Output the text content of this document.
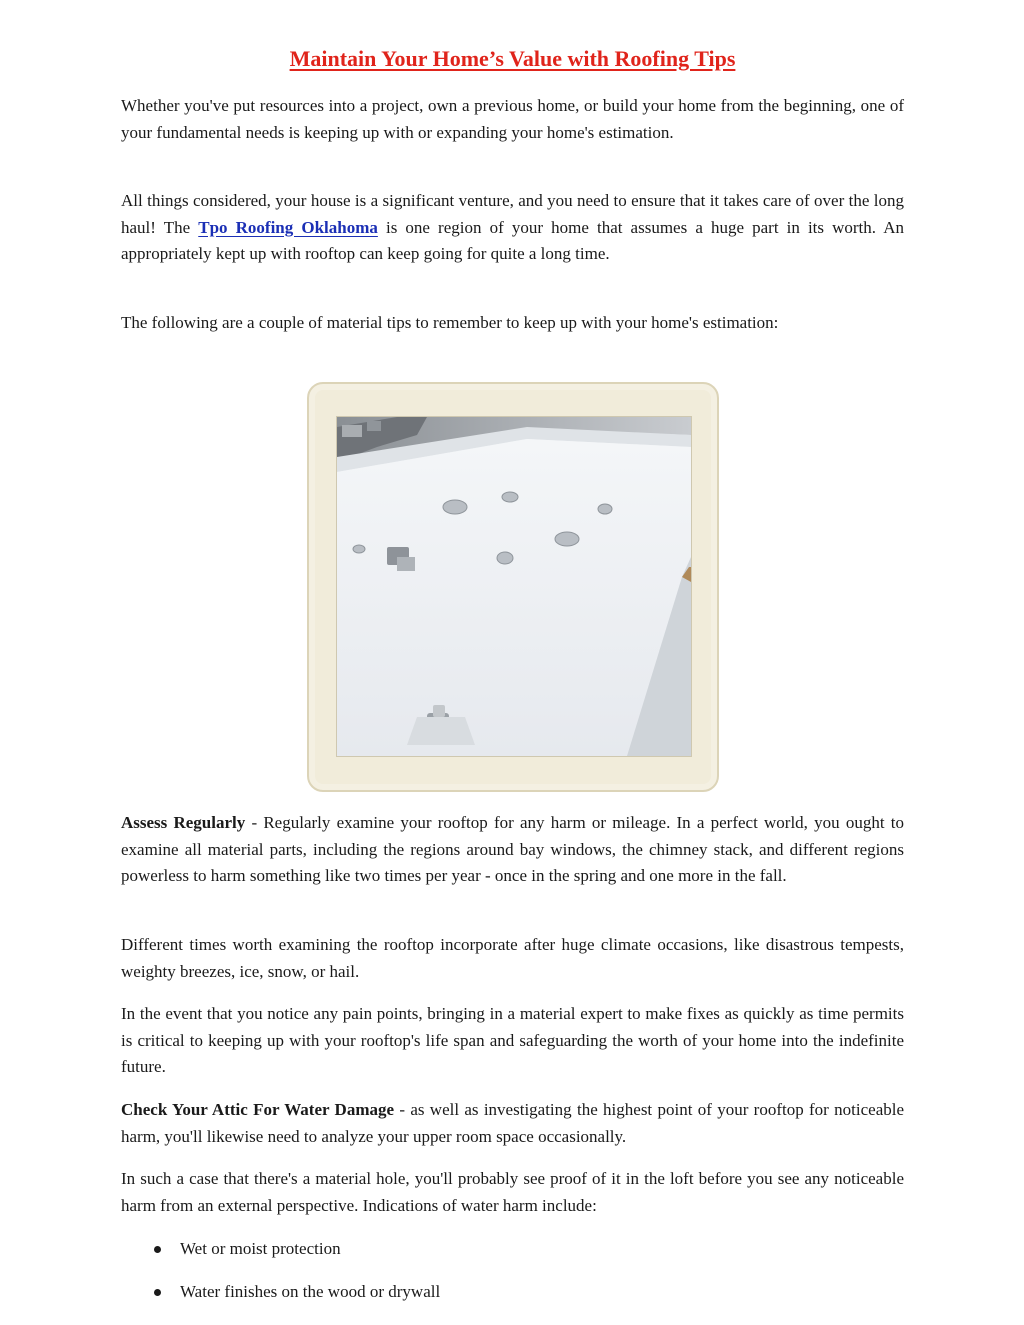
Maintain Your Home’s Value with Roofing Tips

Whether you've put resources into a project, own a previous home, or build your home from the beginning, one of your fundamental needs is keeping up with or expanding your home's estimation.

All things considered, your house is a significant venture, and you need to ensure that it takes care of over the long haul! The Tpo Roofing Oklahoma is one region of your home that assumes a huge part in its worth. An appropriately kept up with rooftop can keep going for quite a long time.

The following are a couple of material tips to remember to keep up with your home's estimation:

Assess Regularly - Regularly examine your rooftop for any harm or mileage. In a perfect world, you ought to examine all material parts, including the regions around bay windows, the chimney stack, and different regions powerless to harm something like two times per year - once in the spring and one more in the fall.

Different times worth examining the rooftop incorporate after huge climate occasions, like disastrous tempests, weighty breezes, ice, snow, or hail.

In the event that you notice any pain points, bringing in a material expert to make fixes as quickly as time permits is critical to keeping up with your rooftop's life span and safeguarding the worth of your home into the indefinite future.

Check Your Attic For Water Damage - as well as investigating the highest point of your rooftop for noticeable harm, you'll likewise need to analyze your upper room space occasionally.

In such a case that there's a material hole, you'll probably see proof of it in the loft before you see any noticeable harm from an external perspective. Indications of water harm include:

Wet or moist protection
Water finishes on the wood or drywall
